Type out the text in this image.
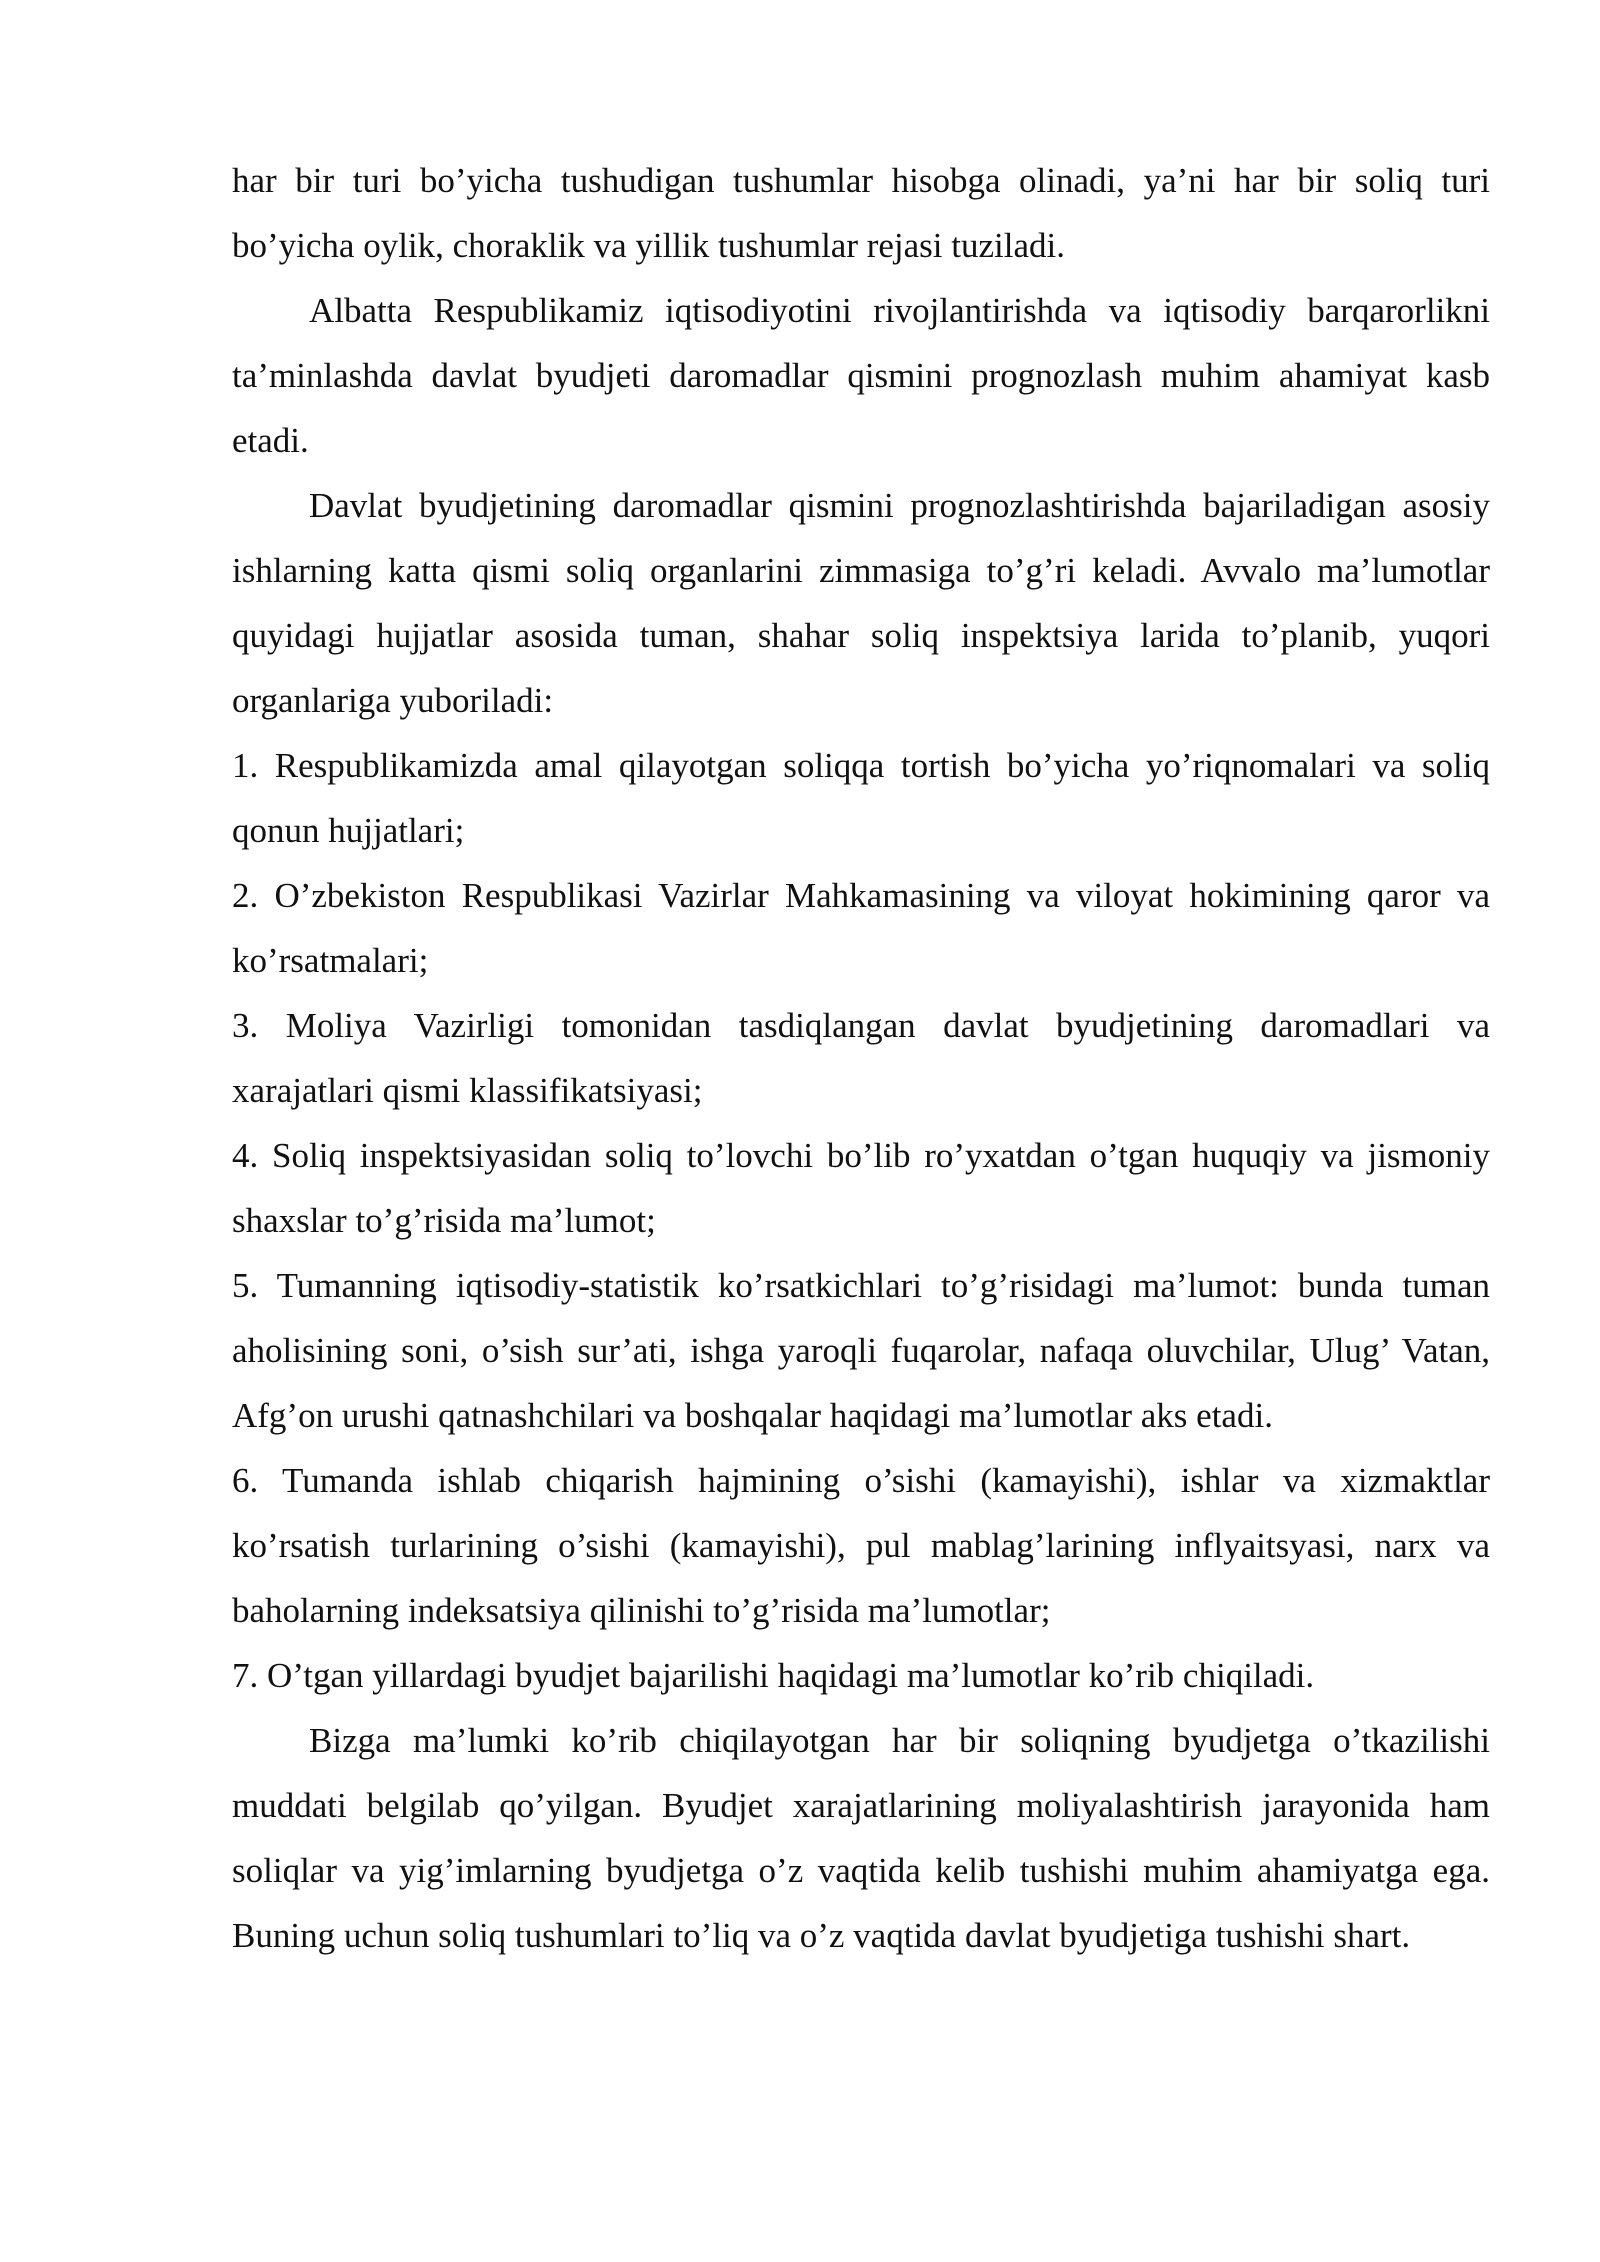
har bir turi bo’yicha tushudigan tushumlar hisobga olinadi, ya’ni har bir soliq turi bo’yicha oylik, choraklik va yillik tushumlar rejasi tuziladi.

Albatta Respublikamiz iqtisodiyotini rivojlantirishda va iqtisodiy barqarorlikni ta’minlashda davlat byudjeti daromadlar qismini prognozlash muhim ahamiyat kasb etadi.

Davlat byudjetining daromadlar qismini prognozlashtirishda bajariladigan asosiy ishlarning katta qismi soliq organlarini zimmasiga to’g’ri keladi. Avvalo ma’lumotlar quyidagi hujjatlar asosida tuman, shahar soliq inspektsiya larida to’planib, yuqori organlariga yuboriladi:

1. Respublikamizda amal qilayotgan soliqqa tortish bo’yicha yo’riqnomalari va soliq qonun hujjatlari;

2. O’zbekiston Respublikasi Vazirlar Mahkamasining va viloyat hokimining qaror va ko’rsatmalari;

3. Moliya Vazirligi tomonidan tasdiqlangan davlat byudjetining daromadlari va xarajatlari qismi klassifikatsiyasi;

4. Soliq inspektsiyasidan soliq to’lovchi bo’lib ro’yxatdan o’tgan huquqiy va jismoniy shaxslar to’g’risida ma’lumot;

5. Tumanning iqtisodiy-statistik ko’rsatkichlari to’g’risidagi ma’lumot: bunda tuman aholisining soni, o’sish sur’ati, ishga yaroqli fuqarolar, nafaqa oluvchilar, Ulug’ Vatan, Afg’on urushi qatnashchilari va boshqalar haqidagi ma’lumotlar aks etadi.

6. Tumanda ishlab chiqarish hajmining o’sishi (kamayishi), ishlar va xizmaktlar ko’rsatish turlarining o’sishi (kamayishi), pul mablag’larining inflyaitsyasi, narx va baholarning indeksatsiya qilinishi to’g’risida ma’lumotlar;

7. O’tgan yillardagi byudjet bajarilishi haqidagi ma’lumotlar ko’rib chiqiladi.

Bizga ma’lumki ko’rib chiqilayotgan har bir soliqning byudjetga o’tkazilishi muddati belgilab qo’yilgan. Byudjet xarajatlarining moliyalashtirish jarayonida ham soliqlar va yig’imlarning byudjetga o’z vaqtida kelib tushishi muhim ahamiyatga ega. Buning uchun soliq tushumlari to’liq va o’z vaqtida davlat byudjetiga tushishi shart.
